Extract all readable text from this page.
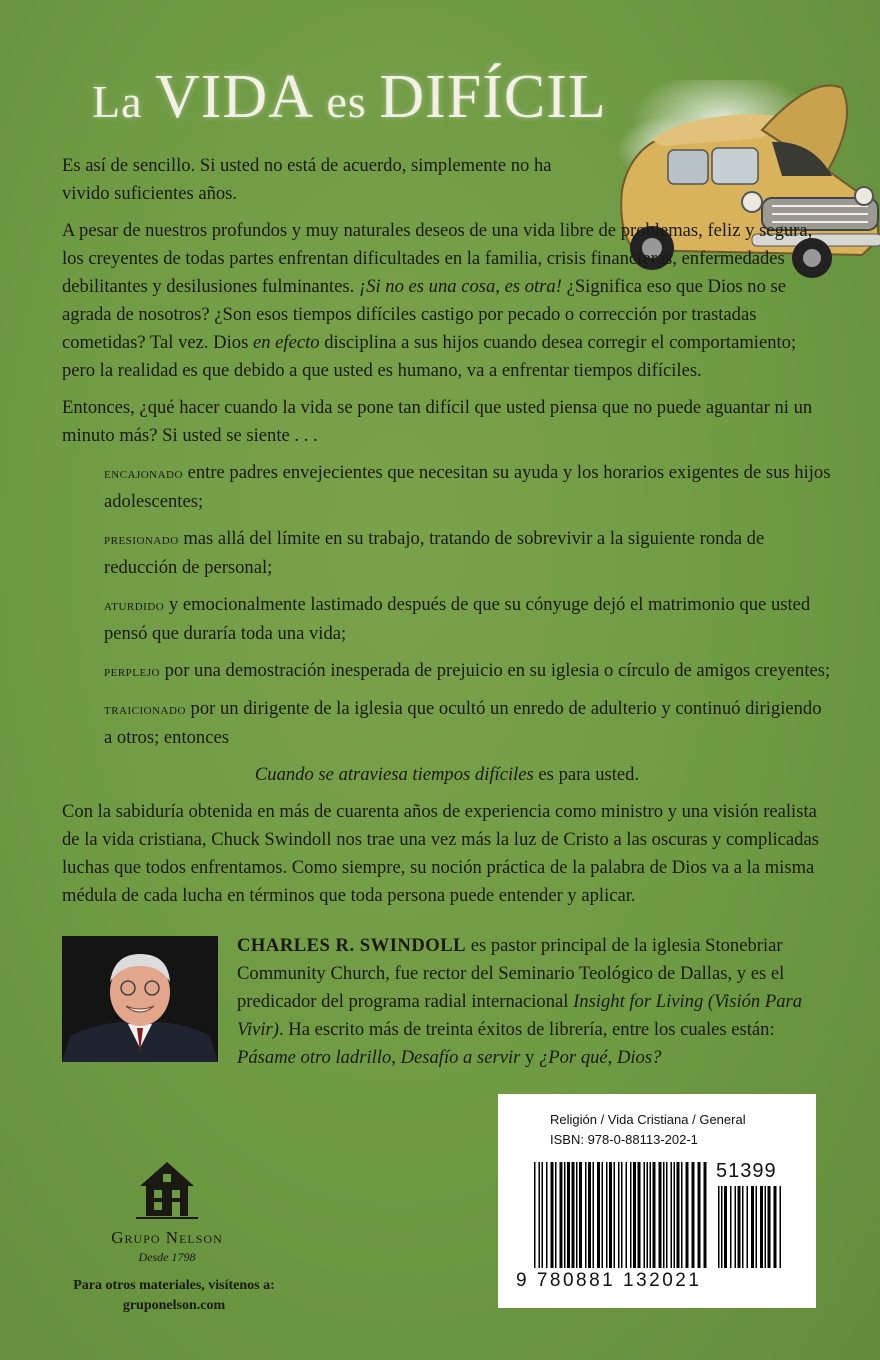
La VIDA es DIFÍCIL

Es así de sencillo. Si usted no está de acuerdo, simplemente no ha vivido suficientes años.

A pesar de nuestros profundos y muy naturales deseos de una vida libre de problemas, feliz y segura, los creyentes de todas partes enfrentan dificultades en la familia, crisis financieras, enfermedades debilitantes y desilusiones fulminantes. ¡Si no es una cosa, es otra! ¿Significa eso que Dios no se agrada de nosotros? ¿Son esos tiempos difíciles castigo por pecado o corrección por trastadas cometidas? Tal vez. Dios en efecto disciplina a sus hijos cuando desea corregir el comportamiento; pero la realidad es que debido a que usted es humano, va a enfrentar tiempos difíciles.

Entonces, ¿qué hacer cuando la vida se pone tan difícil que usted piensa que no puede aguantar ni un minuto más? Si usted se siente . . .

encajonado entre padres envejecientes que necesitan su ayuda y los horarios exigentes de sus hijos adolescentes;

presionado mas allá del límite en su trabajo, tratando de sobrevivir a la siguiente ronda de reducción de personal;

aturdido y emocionalmente lastimado después de que su cónyuge dejó el matrimonio que usted pensó que duraría toda una vida;

perplejo por una demostración inesperada de prejuicio en su iglesia o círculo de amigos creyentes;

traicionado por un dirigente de la iglesia que ocultó un enredo de adulterio y continuó dirigiendo a otros; entonces

Cuando se atraviesa tiempos difíciles es para usted.

Con la sabiduría obtenida en más de cuarenta años de experiencia como ministro y una visión realista de la vida cristiana, Chuck Swindoll nos trae una vez más la luz de Cristo a las oscuras y complicadas luchas que todos enfrentamos. Como siempre, su noción práctica de la palabra de Dios va a la misma médula de cada lucha en términos que toda persona puede entender y aplicar.

CHARLES R. SWINDOLL es pastor principal de la iglesia Stonebriar Community Church, fue rector del Seminario Teológico de Dallas, y es el predicador del programa radial internacional Insight for Living (Visión Para Vivir). Ha escrito más de treinta éxitos de librería, entre los cuales están: Pásame otro ladrillo, Desafío a servir y ¿Por qué, Dios?

Grupo Nelson
Desde 1798
Para otros materiales, visítenos a:
gruponelson.com
Religión / Vida Cristiana / General
ISBN: 978-0-88113-202-1
51399
9 780881 132021
